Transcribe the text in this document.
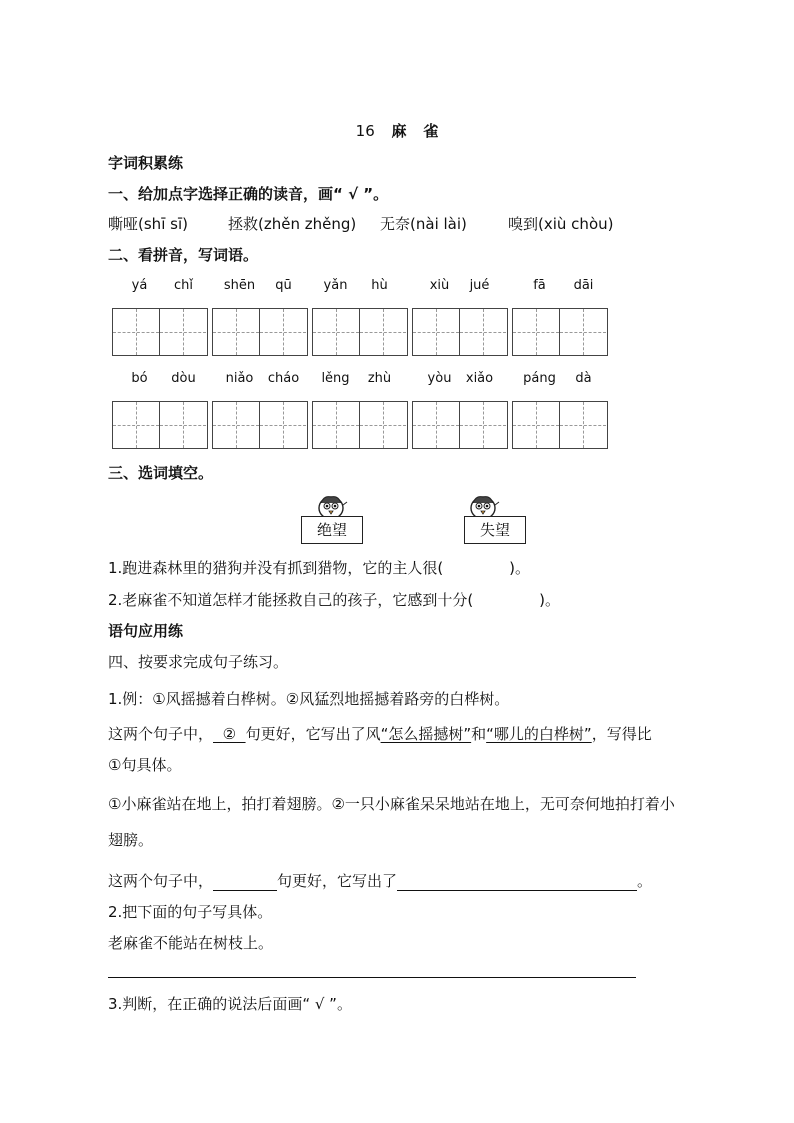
16 麻 雀
字词积累练
一、给加点字选择正确的读音，画“ √ ”。
嘶哑(shī sī)	拯救(zhěn zhěng) 无奈(nài lài)	嗅到(xiù chòu)
二、看拼音，写词语。
yá	chǐ	shēn	qū	yǎn	hù	xiù	jué	fā	dāi
bó	dòu	niǎo	cháo	lěng	zhù	yòu	xiǎo	páng	dà
三、选词填空。
绝望	失望
1.跑进森林里的猎狗并没有抓到猎物，它的主人很(	)。
2.老麻雀不知道怎样才能拯救自己的孩子，它感到十分(	)。
语句应用练
四、按要求完成句子练习。
1.例：①风摇撼着白桦树。②风猛烈地摇撼着路旁的白桦树。
这两个句子中， ② 句更好，它写出了风“怎么摇撼树”和“哪儿的白桦树”，写得比
①句具体。
①小麻雀站在地上，拍打着翅膀。②一只小麻雀呆呆地站在地上，无可奈何地拍打着小
翅膀。
这两个句子中，	句更好，它写出了	。
2.把下面的句子写具体。
老麻雀不能站在树枝上。
3.判断，在正确的说法后面画“ √ ”。
